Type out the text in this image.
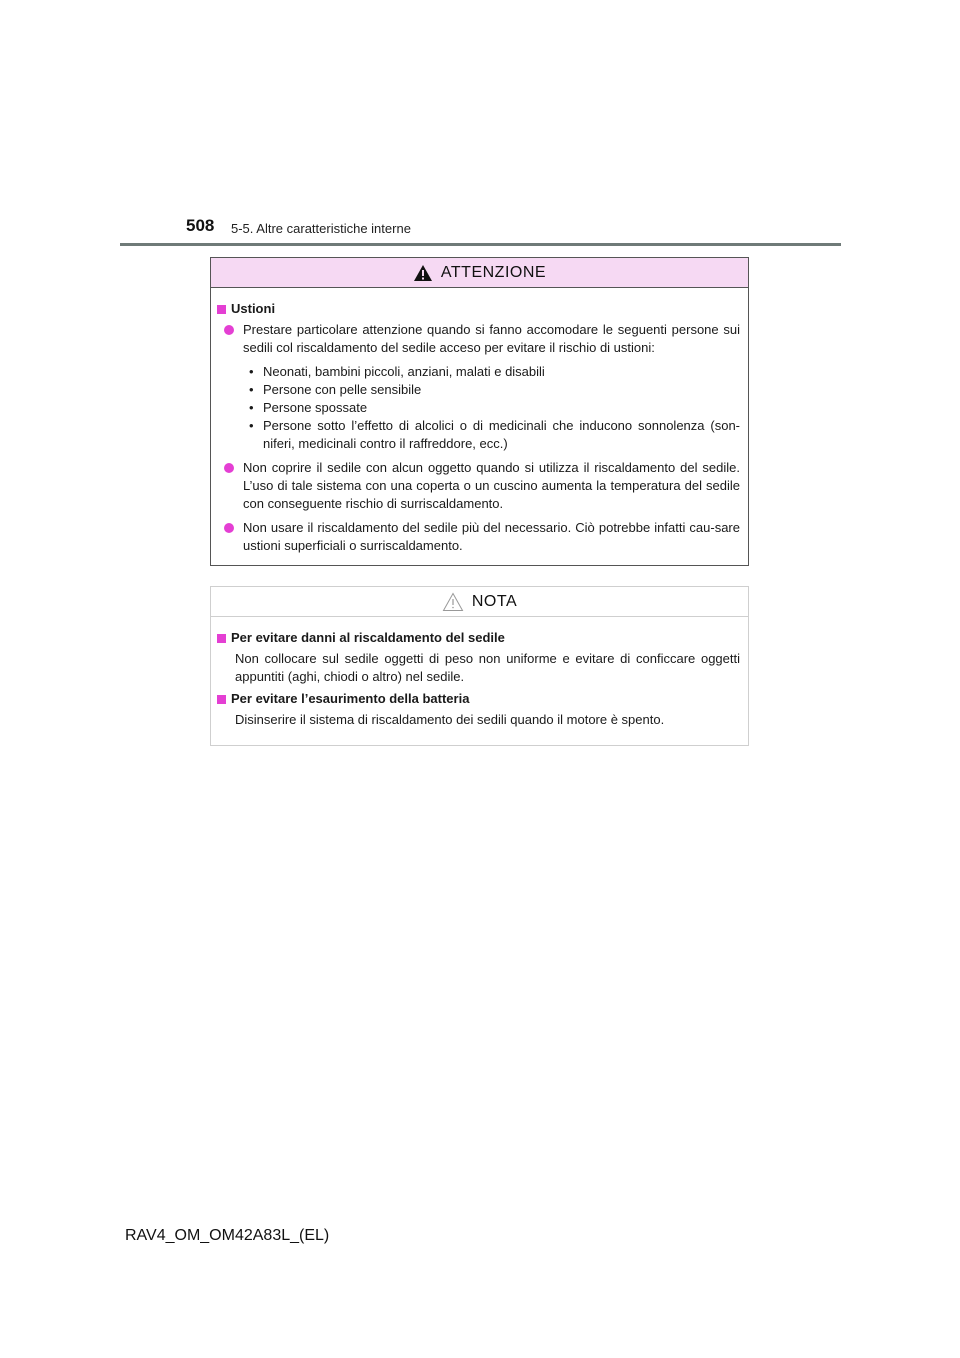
508 5-5. Altre caratteristiche interne
ATTENZIONE
Ustioni
Prestare particolare attenzione quando si fanno accomodare le seguenti persone sui sedili col riscaldamento del sedile acceso per evitare il rischio di ustioni:
• Neonati, bambini piccoli, anziani, malati e disabili
• Persone con pelle sensibile
• Persone spossate
• Persone sotto l’effetto di alcolici o di medicinali che inducono sonnolenza (son-niferi, medicinali contro il raffreddore, ecc.)
Non coprire il sedile con alcun oggetto quando si utilizza il riscaldamento del sedile. L’uso di tale sistema con una coperta o un cuscino aumenta la temperatura del sedile con conseguente rischio di surriscaldamento.
Non usare il riscaldamento del sedile più del necessario. Ciò potrebbe infatti cau-sare ustioni superficiali o surriscaldamento.
NOTA
Per evitare danni al riscaldamento del sedile
Non collocare sul sedile oggetti di peso non uniforme e evitare di conficcare oggetti appuntiti (aghi, chiodi o altro) nel sedile.
Per evitare l’esaurimento della batteria
Disinserire il sistema di riscaldamento dei sedili quando il motore è spento.
RAV4_OM_OM42A83L_(EL)
